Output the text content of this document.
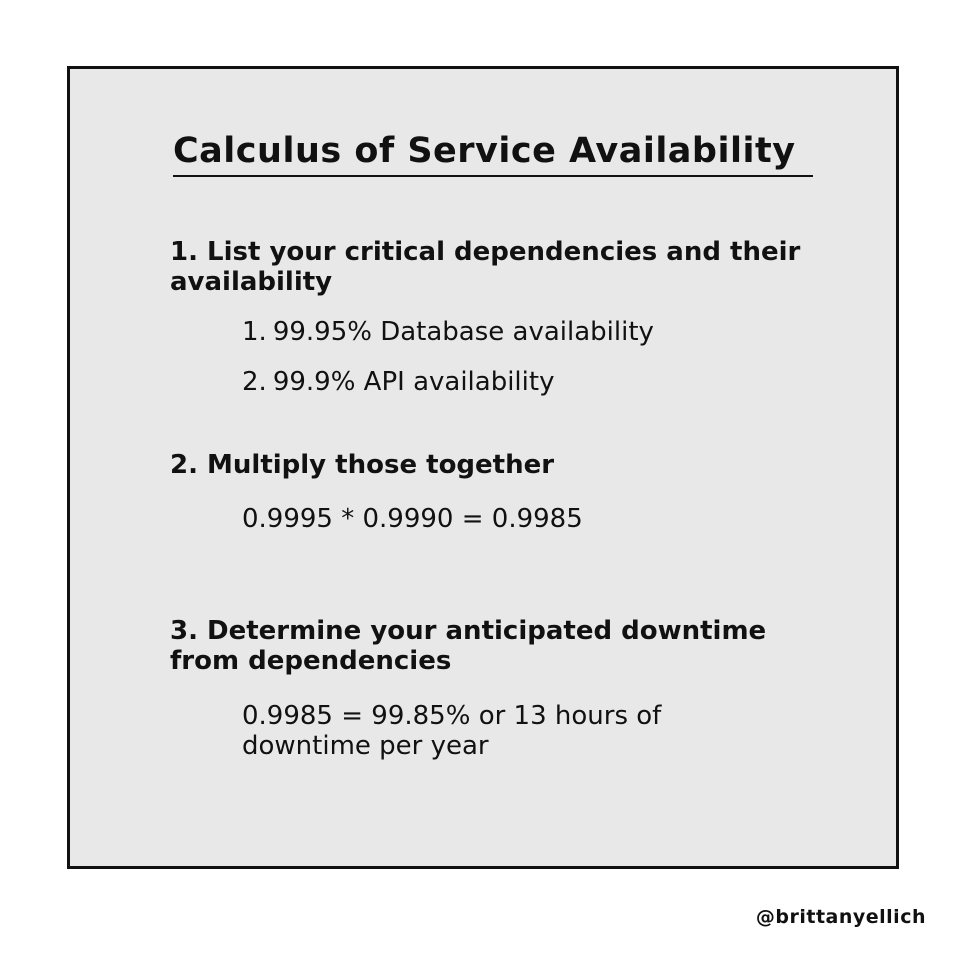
Calculus of Service Availability

1. List your critical dependencies and their availability

1. 99.95% Database availability

2. 99.9% API availability

2. Multiply those together

0.9995 * 0.9990 = 0.9985

3. Determine your anticipated downtime from dependencies

0.9985 = 99.85% or 13 hours of downtime per year

@brittanyellich
